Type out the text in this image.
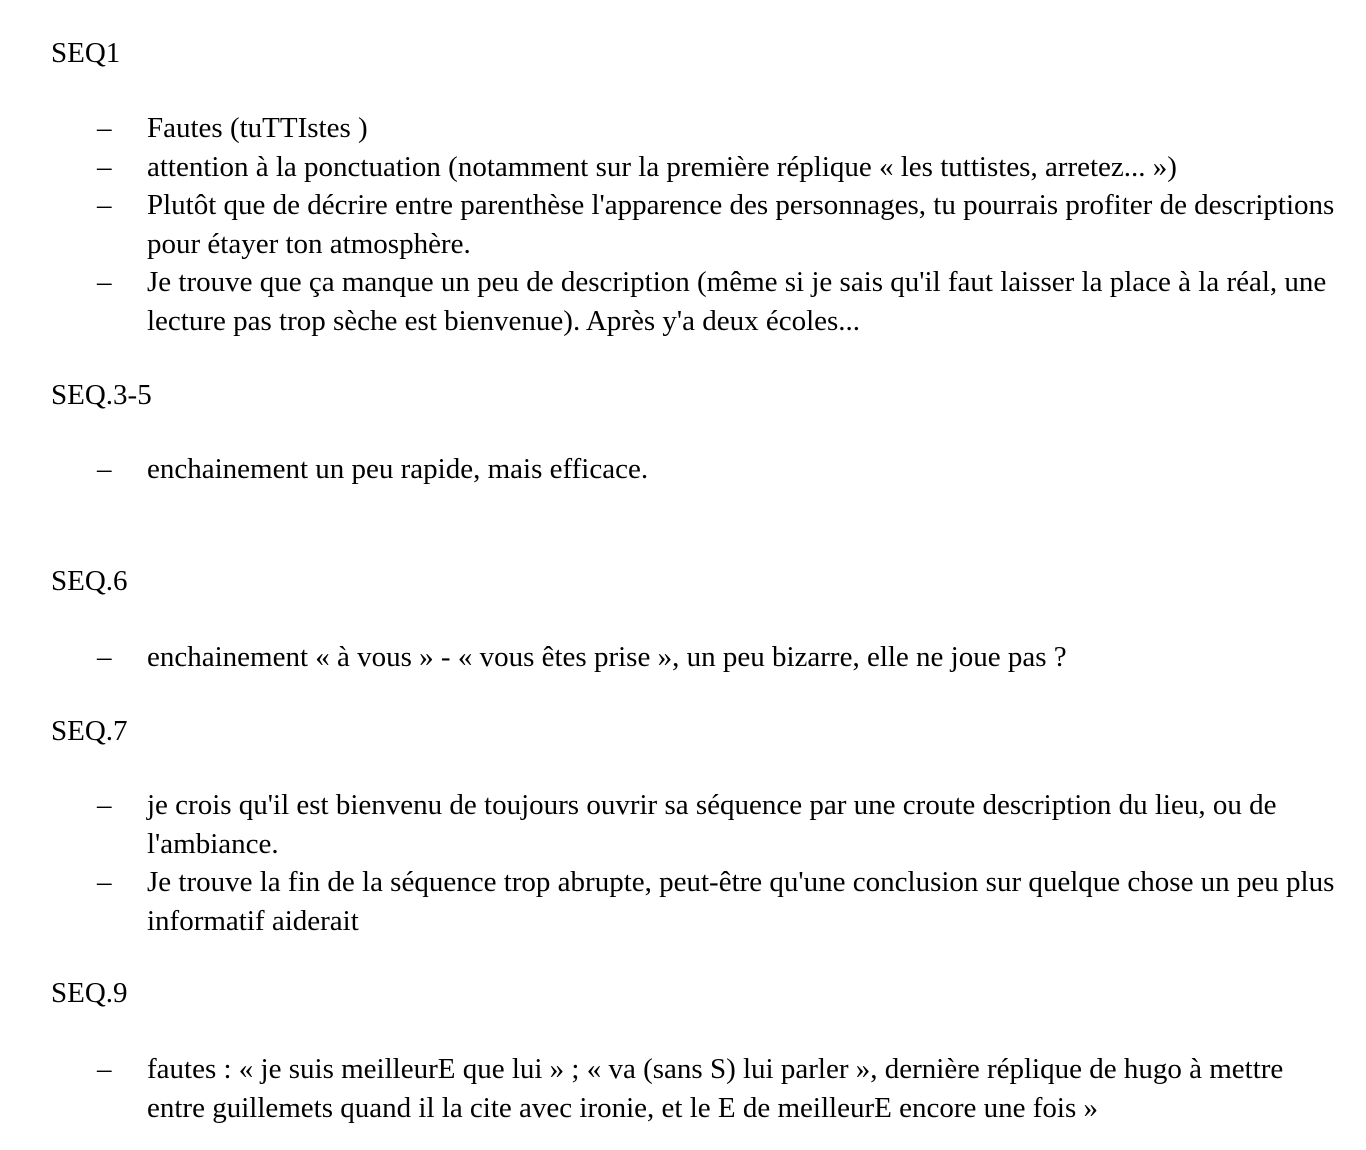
SEQ1
– Fautes (tuTTIstes )
– attention à la ponctuation (notamment sur la première réplique « les tuttistes, arretez... »)
– Plutôt que de décrire entre parenthèse l'apparence des personnages, tu pourrais profiter de descriptions pour étayer ton atmosphère.
– Je trouve que ça manque un peu de description (même si je sais qu'il faut laisser la place à la réal, une lecture pas trop sèche est bienvenue). Après y'a deux écoles...
SEQ.3-5
– enchainement un peu rapide, mais efficace.
SEQ.6
– enchainement « à vous » - « vous êtes prise », un peu bizarre, elle ne joue pas ?
SEQ.7
– je crois qu'il est bienvenu de toujours ouvrir sa séquence par une croute description du lieu, ou de l'ambiance.
– Je trouve la fin de la séquence trop abrupte, peut-être qu'une conclusion sur quelque chose un peu plus informatif aiderait
SEQ.9
– fautes : « je suis meilleurE que lui » ; « va (sans S) lui parler », dernière réplique de hugo à mettre entre guillemets quand il la cite avec ironie, et le E de meilleurE encore une fois »
